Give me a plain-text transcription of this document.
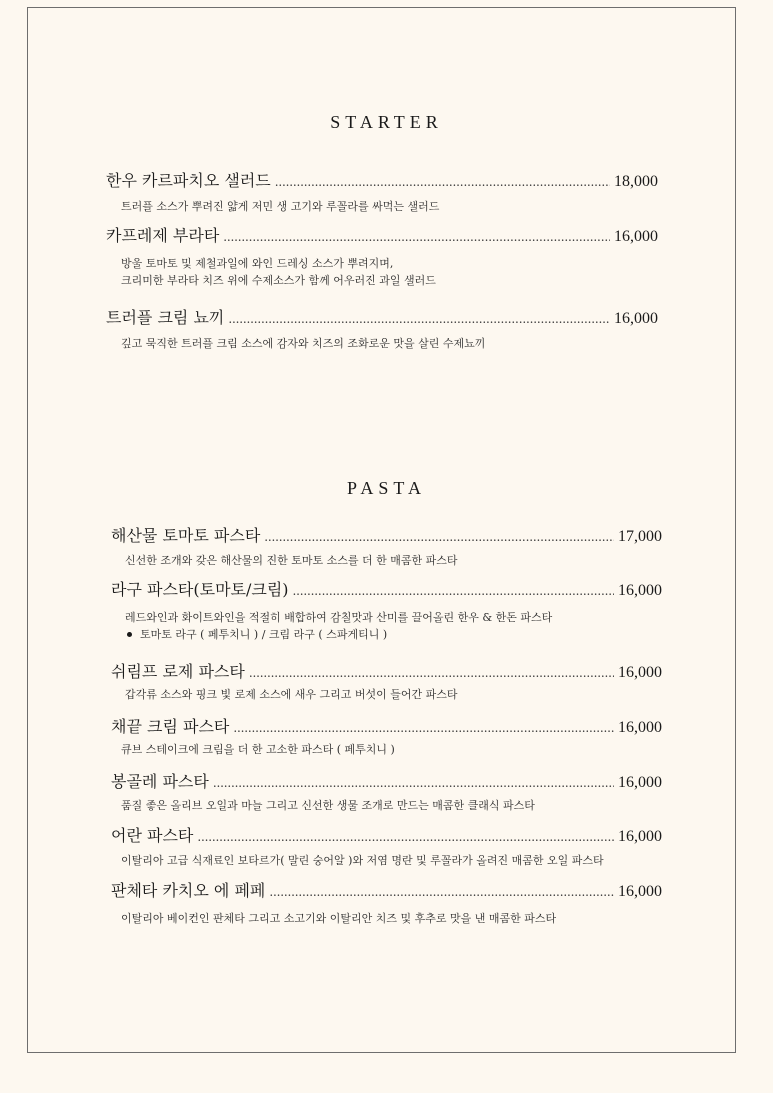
STARTER
한우 카르파치오 샐러드 . . .	18,000
트러플 소스가 뿌려진 얇게 저민 생 고기와 루꼴라를 싸먹는 샐러드
카프레제 부라타 . . .	16,000
방울 토마토 및 제철과일에 와인 드레싱 소스가 뿌려지며,
크리미한 부라타 치즈 위에 수제소스가 함께 어우러진 과일 샐러드
트러플 크림 뇨끼 . . .	16,000
깊고 묵직한 트러플 크림 소스에 감자와 치즈의 조화로운 맛을 살린 수제뇨끼
PASTA
해산물 토마토 파스타 . . .	17,000
신선한 조개와 갖은 해산물의 진한 토마토 소스를 더 한 매콤한 파스타
라구 파스타(토마토/크림) . . .	16,000
레드와인과 화이트와인을 적절히 배합하여 감칠맛과 산미를 끌어올린 한우 & 한돈 파스타
토마토 라구 ( 페투치니 ) / 크림 라구 ( 스파게티니 )
쉬림프 로제 파스타 . . .	16,000
갑각류 소스와 핑크 빛 로제 소스에 새우 그리고 버섯이 들어간 파스타
채끝 크림 파스타 . . .	16,000
큐브 스테이크에 크림을 더 한 고소한 파스타 ( 페투치니 )
봉골레 파스타 . . .	16,000
품질 좋은 올리브 오일과 마늘 그리고 신선한 생물 조개로 만드는 매콤한 클래식 파스타
어란 파스타 . . .	16,000
이탈리아 고급 식재료인 보타르가( 말린 숭어알 )와 저염 명란 및 루꼴라가 올려진 매콤한 오일 파스타
판체타 카치오 에 페페 . . .	16,000
이탈리아 베이컨인 판체타 그리고 소고기와 이탈리안 치즈 및 후추로 맛을 낸 매콤한 파스타
